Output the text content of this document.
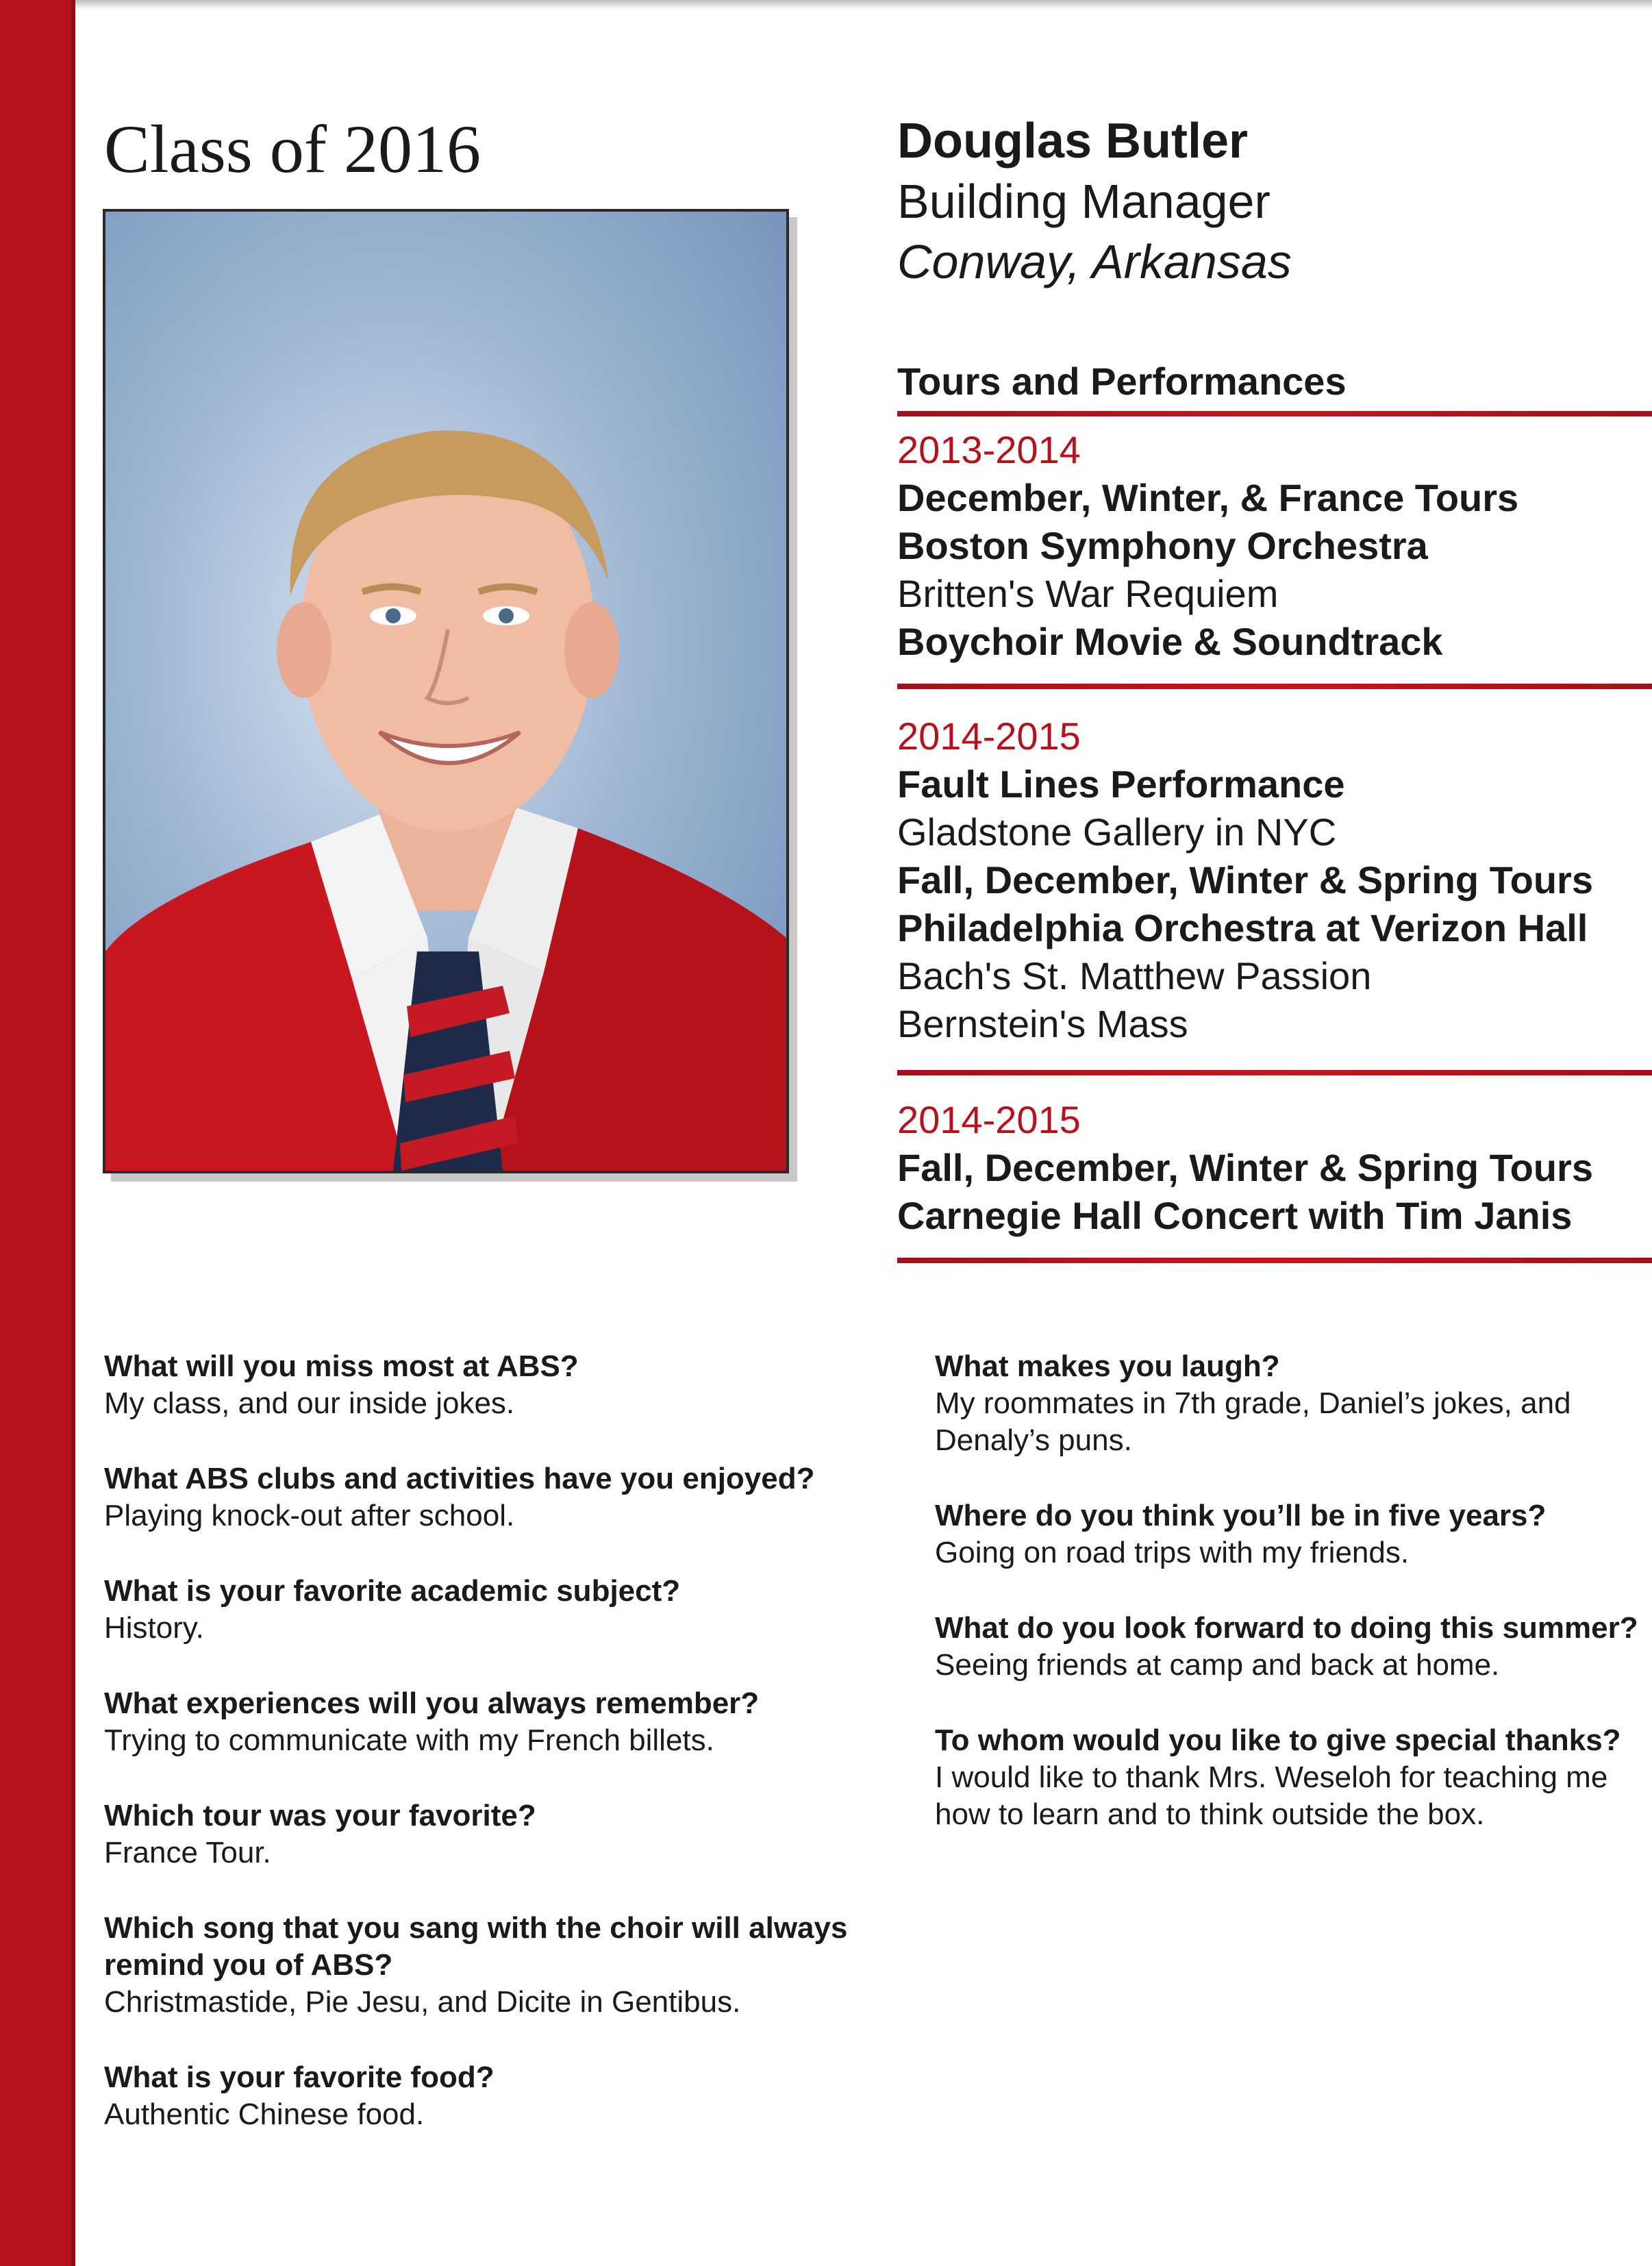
Class of 2016	Douglas Butler
Building Manager
Conway, Arkansas
Tours and Performances
2013-2014
December, Winter, & France Tours
Boston Symphony Orchestra
Britten's War Requiem
Boychoir Movie & Soundtrack
2014-2015
Fault Lines Performance
Gladstone Gallery in NYC
Fall, December, Winter & Spring Tours
Philadelphia Orchestra at Verizon Hall
Bach's St. Matthew Passion
Bernstein's Mass
2014-2015
Fall, December, Winter & Spring Tours
Carnegie Hall Concert with Tim Janis
What will you miss most at ABS?
My class, and our inside jokes.
What ABS clubs and activities have you enjoyed?
Playing knock-out after school.
What is your favorite academic subject?
History.
What experiences will you always remember?
Trying to communicate with my French billets.
Which tour was your favorite?
France Tour.
Which song that you sang with the choir will always remind you of ABS?
Christmastide, Pie Jesu, and Dicite in Gentibus.
What is your favorite food?
Authentic Chinese food.
What makes you laugh?
My roommates in 7th grade, Daniel’s jokes, and Denaly’s puns.
Where do you think you’ll be in five years?
Going on road trips with my friends.
What do you look forward to doing this summer?
Seeing friends at camp and back at home.
To whom would you like to give special thanks?
I would like to thank Mrs. Weseloh for teaching me how to learn and to think outside the box.
